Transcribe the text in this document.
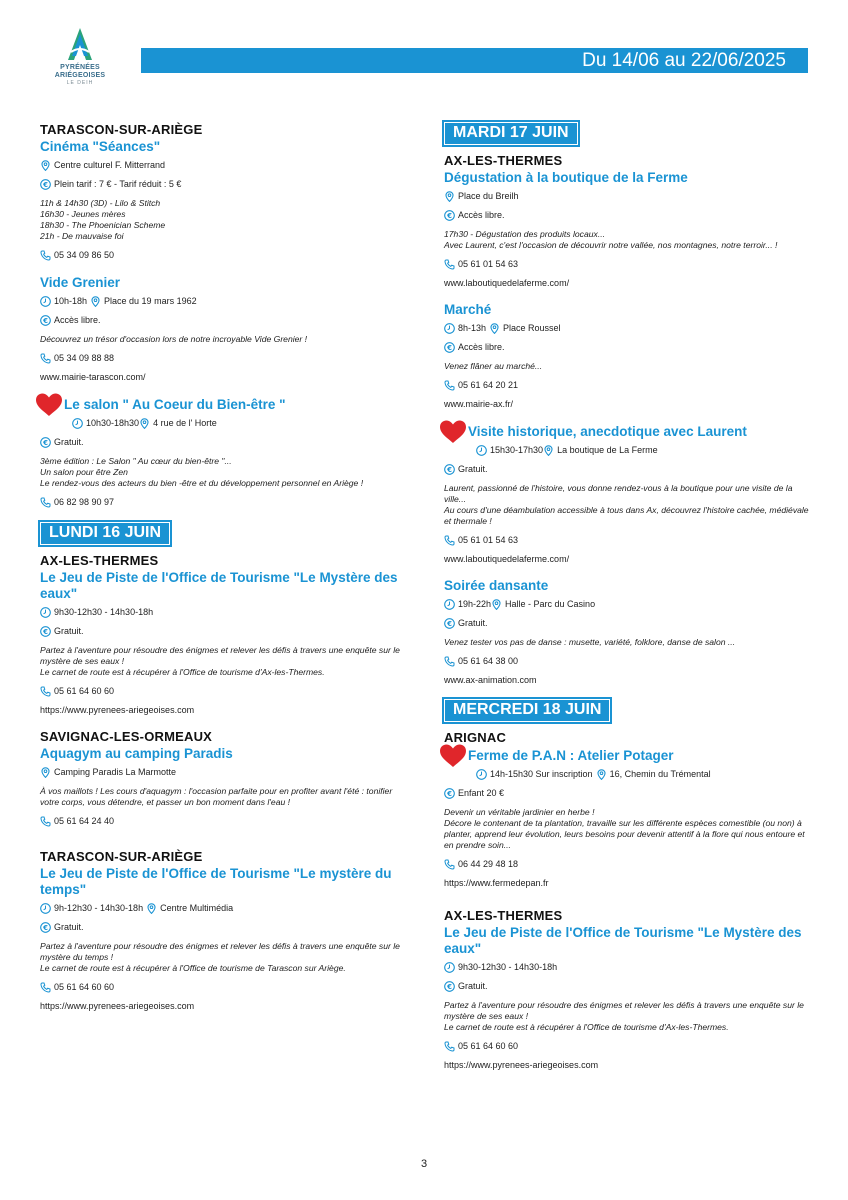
PYRÉNÉES
ARIÉGEOISES
LE DEIH
Du 14/06 au 22/06/2025
TARASCON-SUR-ARIÈGE
Cinéma "Séances"
Centre culturel F. Mitterrand
€ Plein tarif : 7 € - Tarif réduit : 5 €
11h & 14h30 (3D) - Lilo & Stitch
16h30 - Jeunes mères
18h30 - The Phoenician Scheme
21h - De mauvaise foi
05 34 09 86 50
Vide Grenier
10h-18h Place du 19 mars 1962
€ Accès libre.
Découvrez un trésor d'occasion lors de notre incroyable Vide Grenier !
05 34 09 88 88
www.mairie-tarascon.com/
Le salon " Au Coeur du Bien-être "
10h30-18h30 4 rue de l' Horte
€ Gratuit.
3ème édition : Le Salon " Au cœur du bien-être "...
Un salon pour être Zen
Le rendez-vous des acteurs du bien -être et du développement personnel en Ariège !
06 82 98 90 97
LUNDI 16 JUIN
AX-LES-THERMES
Le Jeu de Piste de l'Office de Tourisme "Le Mystère des eaux"
9h30-12h30 - 14h30-18h
€ Gratuit.
Partez à l'aventure pour résoudre des énigmes et relever les défis à travers une enquête sur le mystère de ses eaux !
Le carnet de route est à récupérer à l'Office de tourisme d'Ax-les-Thermes.
05 61 64 60 60
https://www.pyrenees-ariegeoises.com
SAVIGNAC-LES-ORMEAUX
Aquagym au camping Paradis
Camping Paradis La Marmotte
À vos maillots ! Les cours d'aquagym : l'occasion parfaite pour en profiter avant l'été : tonifier votre corps, vous détendre, et passer un bon moment dans l'eau !
05 61 64 24 40
TARASCON-SUR-ARIÈGE
Le Jeu de Piste de l'Office de Tourisme "Le mystère du temps"
9h-12h30 - 14h30-18h Centre Multimédia
€ Gratuit.
Partez à l'aventure pour résoudre des énigmes et relever les défis à travers une enquête sur le mystère du temps !
Le carnet de route est à récupérer à l'Office de tourisme de Tarascon sur Ariège.
05 61 64 60 60
https://www.pyrenees-ariegeoises.com
MARDI 17 JUIN
AX-LES-THERMES
Dégustation à la boutique de la Ferme
Place du Breilh
€ Accès libre.
17h30 - Dégustation des produits locaux...
Avec Laurent, c'est l'occasion de découvrir notre vallée, nos montagnes, notre terroir... !
05 61 01 54 63
www.laboutiquedelaferme.com/
Marché
8h-13h Place Roussel
€ Accès libre.
Venez flâner au marché...
05 61 64 20 21
www.mairie-ax.fr/
Visite historique, anecdotique avec Laurent
15h30-17h30 La boutique de La Ferme
€ Gratuit.
Laurent, passionné de l'histoire, vous donne rendez-vous à la boutique pour une visite de la ville...
Au cours d'une déambulation accessible à tous dans Ax, découvrez l'histoire cachée, médiévale et thermale !
05 61 01 54 63
www.laboutiquedelaferme.com/
Soirée dansante
19h-22h Halle - Parc du Casino
€ Gratuit.
Venez tester vos pas de danse : musette, variété, folklore, danse de salon ...
05 61 64 38 00
www.ax-animation.com
MERCREDI 18 JUIN
ARIGNAC
Ferme de P.A.N : Atelier Potager
14h-15h30 Sur inscription 16, Chemin du Trémental
€ Enfant 20 €
Devenir un véritable jardinier en herbe !
Décore le contenant de ta plantation, travaille sur les différente espèces comestible (ou non) à planter, apprend leur évolution, leurs besoins pour devenir attentif à la flore qui nous entoure et en prendre soin...
06 44 29 48 18
https://www.fermedepan.fr
AX-LES-THERMES
Le Jeu de Piste de l'Office de Tourisme "Le Mystère des eaux"
9h30-12h30 - 14h30-18h
€ Gratuit.
Partez à l'aventure pour résoudre des énigmes et relever les défis à travers une enquête sur le mystère de ses eaux !
Le carnet de route est à récupérer à l'Office de tourisme d'Ax-les-Thermes.
05 61 64 60 60
https://www.pyrenees-ariegeoises.com
3
